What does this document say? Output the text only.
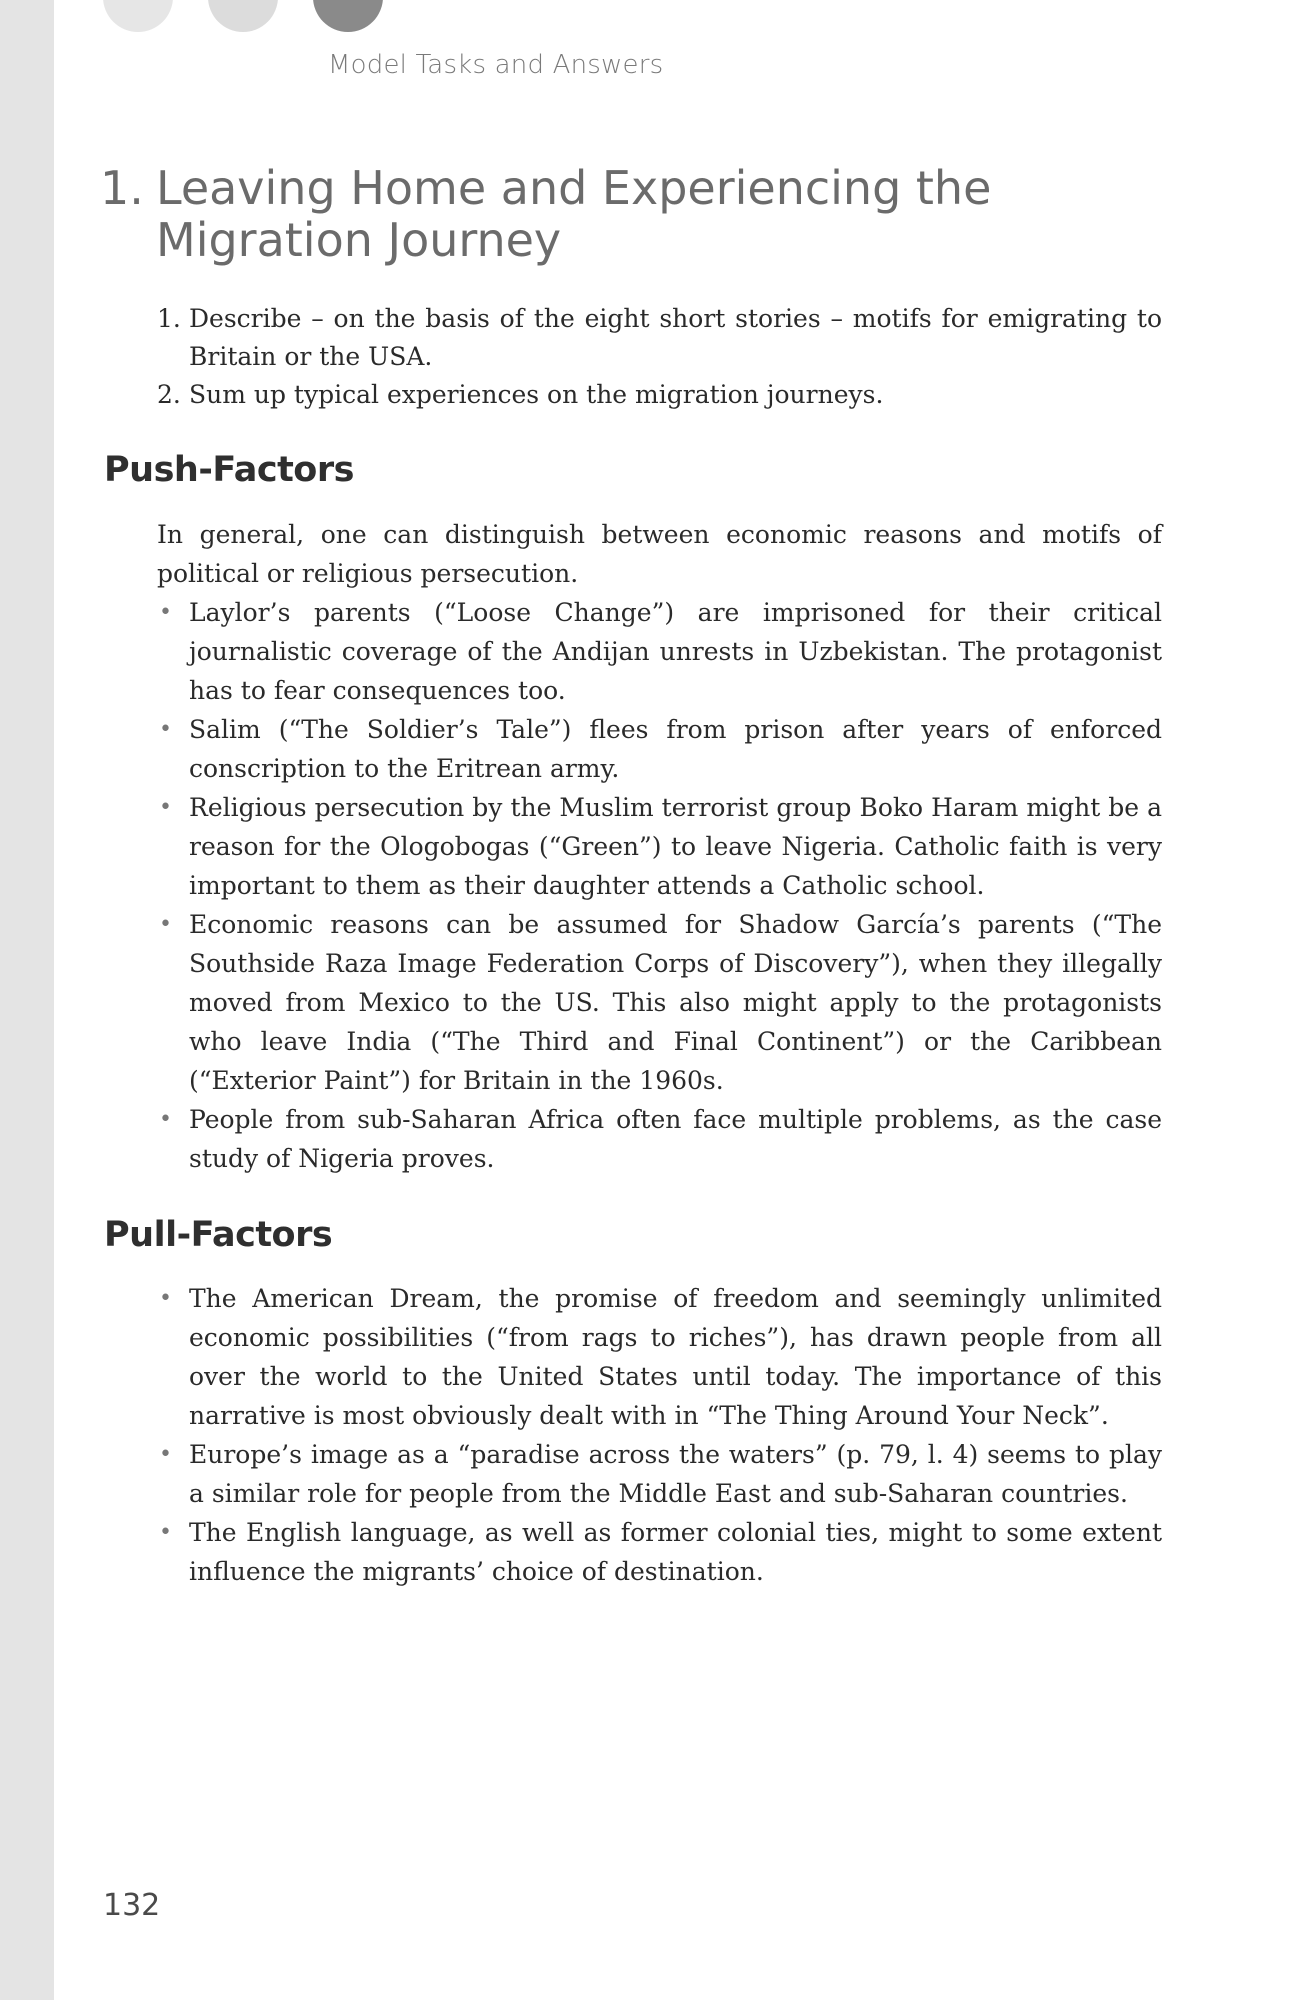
Model Tasks and Answers
1. Leaving Home and Experiencing the Migration Journey
1. Describe – on the basis of the eight short stories – motifs for emigrating to Britain or the USA.
2. Sum up typical experiences on the migration journeys.
Push-Factors

In general, one can distinguish between economic reasons and motifs of political or religious persecution.

• Laylor’s parents (“Loose Change”) are imprisoned for their critical journalistic coverage of the Andijan unrests in Uzbekistan. The protagonist has to fear consequences too.
• Salim (“The Soldier’s Tale”) flees from prison after years of enforced conscription to the Eritrean army.
• Religious persecution by the Muslim terrorist group Boko Haram might be a reason for the Ologobogas (“Green”) to leave Nigeria. Catholic faith is very important to them as their daughter attends a Catholic school.
• Economic reasons can be assumed for Shadow García’s parents (“The Southside Raza Image Federation Corps of Discovery”), when they illegally moved from Mexico to the US. This also might apply to the protagonists who leave India (“The Third and Final Continent”) or the Caribbean (“Exterior Paint”) for Britain in the 1960s.
• People from sub-Saharan Africa often face multiple problems, as the case study of Nigeria proves.
Pull-Factors
• The American Dream, the promise of freedom and seemingly unlimited economic possibilities (“from rags to riches”), has drawn people from all over the world to the United States until today. The importance of this narrative is most obviously dealt with in “The Thing Around Your Neck”.
• Europe’s image as a “paradise across the waters” (p. 79, l. 4) seems to play a similar role for people from the Middle East and sub-Saharan countries.
• The English language, as well as former colonial ties, might to some extent influence the migrants’ choice of destination.
132
